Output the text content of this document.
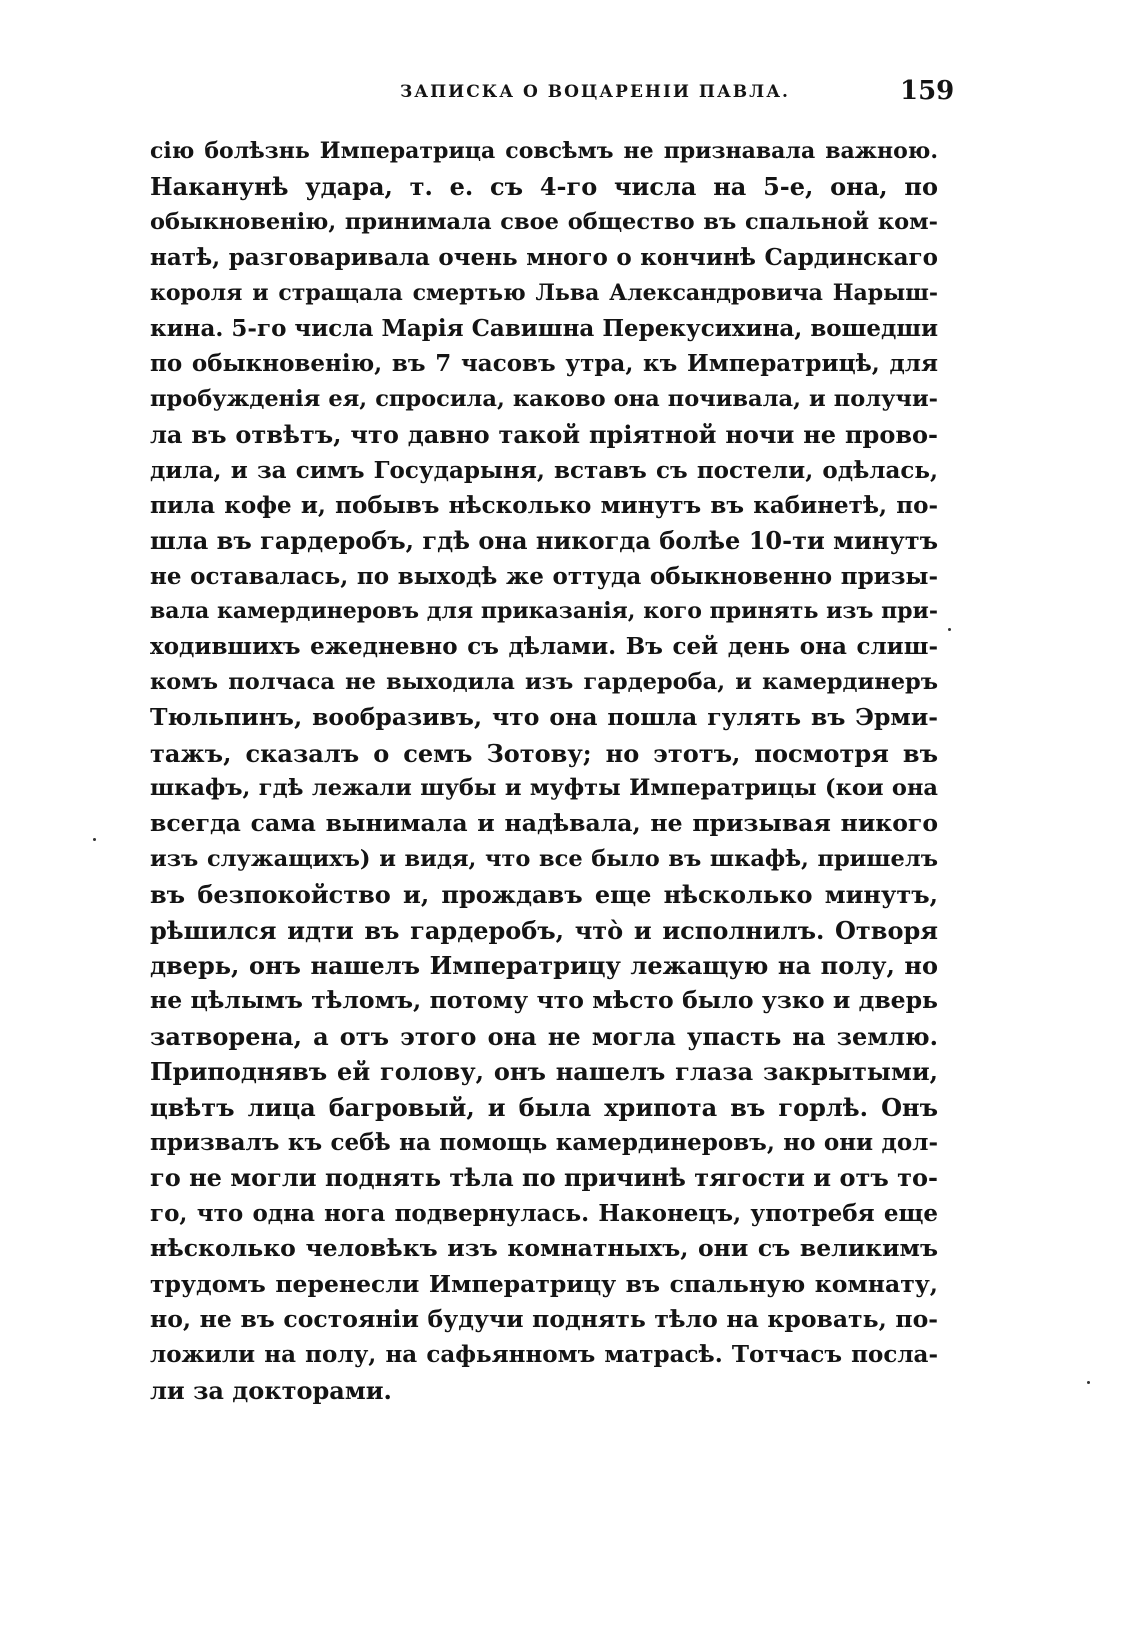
ЗАПИСКА О ВОЦАРЕНІИ ПАВЛА.	159
сію болѣзнь Императрица совсѣмъ не признавала важною.
Наканунѣ удара, т. е. съ 4-го числа на 5-е, она, по
обыкновенію, принимала свое общество въ спальной ком-
натѣ, разговаривала очень много о кончинѣ Сардинскаго
короля и стращала смертью Льва Александровича Нарыш-
кина. 5-го числа Марія Савишна Перекусихина, вошедши
по обыкновенію, въ 7 часовъ утра, къ Императрицѣ, для
пробужденія ея, спросила, каково она почивала, и получи-
ла въ отвѣтъ, что давно такой пріятной ночи не прово-
дила, и за симъ Государыня, вставъ съ постели, одѣлась,
пила кофе и, побывъ нѣсколько минутъ въ кабинетѣ, по-
шла въ гардеробъ, гдѣ она никогда болѣе 10-ти минутъ
не оставалась, по выходѣ же оттуда обыкновенно призы-
вала камердинеровъ для приказанія, кого принять изъ при-
ходившихъ ежедневно съ дѣлами. Въ сей день она слиш-
комъ полчаса не выходила изъ гардероба, и камердинеръ
Тюльпинъ, вообразивъ, что она пошла гулять въ Эрми-
тажъ, сказалъ о семъ Зотову; но этотъ, посмотря въ
шкафъ, гдѣ лежали шубы и муфты Императрицы (кои она
всегда сама вынимала и надѣвала, не призывая никого
изъ служащихъ) и видя, что все было въ шкафѣ, пришелъ
въ безпокойство и, прождавъ еще нѣсколько минутъ,
рѣшился идти въ гардеробъ, чтò и исполнилъ. Отворя
дверь, онъ нашелъ Императрицу лежащую на полу, но
не цѣлымъ тѣломъ, потому что мѣсто было узко и дверь
затворена, а отъ этого она не могла упасть на землю.
Приподнявъ ей голову, онъ нашелъ глаза закрытыми,
цвѣтъ лица багровый, и была хрипота въ горлѣ. Онъ
призвалъ къ себѣ на помощь камердинеровъ, но они дол-
го не могли поднять тѣла по причинѣ тягости и отъ то-
го, что одна нога подвернулась. Наконецъ, употребя еще
нѣсколько человѣкъ изъ комнатныхъ, они съ великимъ
трудомъ перенесли Императрицу въ спальную комнату,
но, не въ состояніи будучи поднять тѣло на кровать, по-
ложили на полу, на сафьянномъ матрасѣ. Тотчасъ посла-
ли за докторами.
